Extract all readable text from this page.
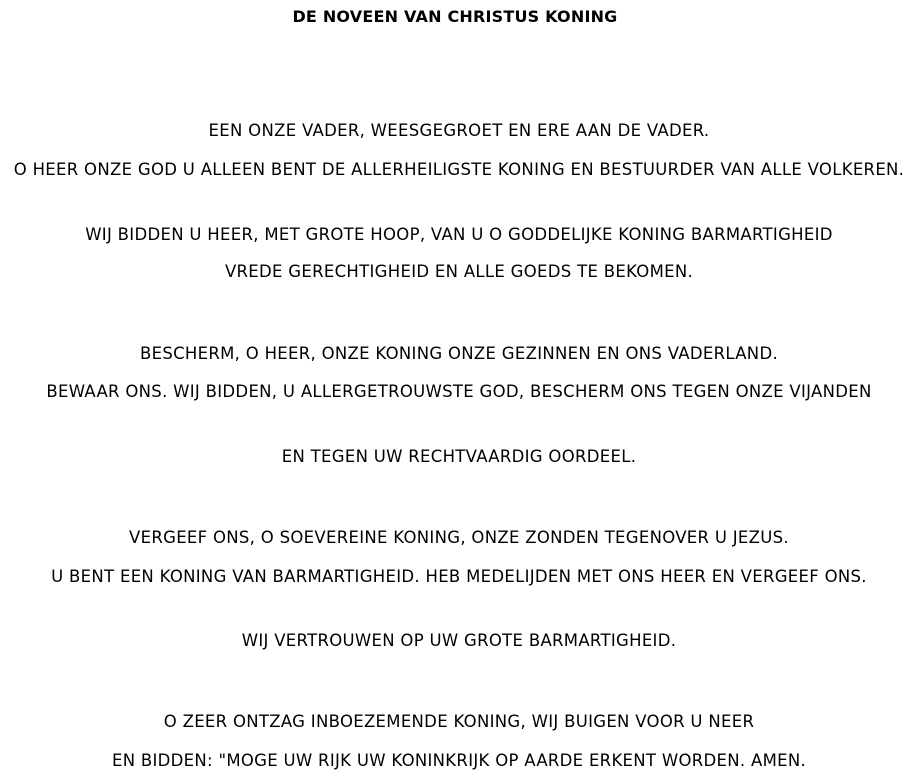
DE NOVEEN VAN CHRISTUS KONING
EEN ONZE VADER, WEESGEGROET EN ERE AAN DE VADER.
O HEER ONZE GOD U ALLEEN BENT DE ALLERHEILIGSTE KONING EN BESTUURDER VAN ALLE VOLKEREN.
WIJ BIDDEN U HEER, MET GROTE HOOP, VAN U O GODDELIJKE KONING BARMARTIGHEID
VREDE GERECHTIGHEID EN ALLE GOEDS TE BEKOMEN.
BESCHERM, O HEER, ONZE KONING ONZE GEZINNEN EN ONS VADERLAND.
BEWAAR ONS. WIJ BIDDEN, U ALLERGETROUWSTE GOD, BESCHERM ONS TEGEN ONZE VIJANDEN
EN TEGEN UW RECHTVAARDIG OORDEEL.
VERGEEF ONS, O SOEVEREINE KONING, ONZE ZONDEN TEGENOVER U JEZUS.
U BENT EEN KONING VAN BARMARTIGHEID. HEB MEDELIJDEN MET ONS HEER EN VERGEEF ONS.
WIJ VERTROUWEN OP UW GROTE BARMARTIGHEID.
O ZEER ONTZAG INBOEZEMENDE KONING, WIJ BUIGEN VOOR U NEER
EN BIDDEN: "MOGE UW RIJK UW KONINKRIJK OP AARDE ERKENT WORDEN. AMEN.
